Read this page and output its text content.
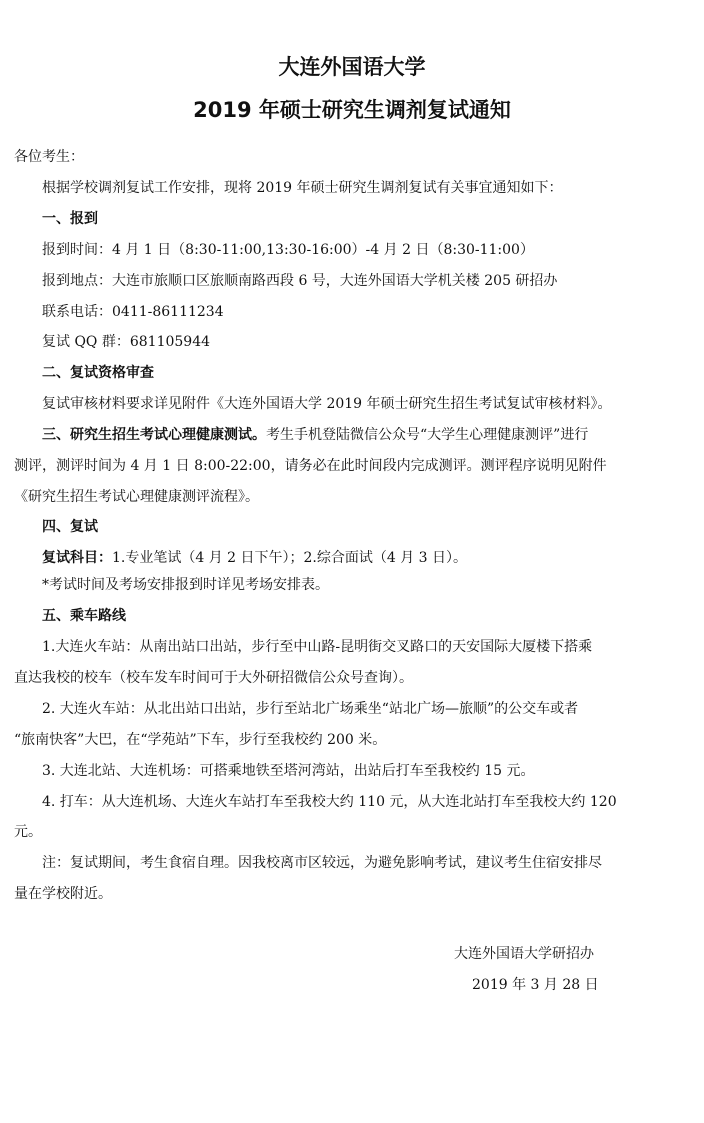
大连外国语大学
2019 年硕士研究生调剂复试通知
各位考生：
根据学校调剂复试工作安排，现将 2019 年硕士研究生调剂复试有关事宜通知如下：
一、报到
报到时间：4 月 1 日（8:30-11:00,13:30-16:00）-4 月 2 日（8:30-11:00）
报到地点：大连市旅顺口区旅顺南路西段 6 号，大连外国语大学机关楼 205 研招办
联系电话：0411-86111234
复试 QQ 群：681105944
二、复试资格审查
复试审核材料要求详见附件《大连外国语大学 2019 年硕士研究生招生考试复试审核材料》。
三、研究生招生考试心理健康测试。考生手机登陆微信公众号“大学生心理健康测评”进行
测评，测评时间为 4 月 1 日 8:00-22:00，请务必在此时间段内完成测评。测评程序说明见附件
《研究生招生考试心理健康测评流程》。
四、复试
复试科目：1.专业笔试（4 月 2 日下午）；2.综合面试（4 月 3 日）。
*考试时间及考场安排报到时详见考场安排表。
五、乘车路线
1.大连火车站：从南出站口出站，步行至中山路-昆明街交叉路口的天安国际大厦楼下搭乘
直达我校的校车（校车发车时间可于大外研招微信公众号查询）。
2. 大连火车站：从北出站口出站，步行至站北广场乘坐“站北广场—旅顺”的公交车或者
“旅南快客”大巴，在“学苑站”下车，步行至我校约 200 米。
3. 大连北站、大连机场：可搭乘地铁至塔河湾站，出站后打车至我校约 15 元。
4. 打车：从大连机场、大连火车站打车至我校大约 110 元，从大连北站打车至我校大约 120
元。
注：复试期间，考生食宿自理。因我校离市区较远，为避免影响考试，建议考生住宿安排尽
量在学校附近。
大连外国语大学研招办
2019 年 3 月 28 日
